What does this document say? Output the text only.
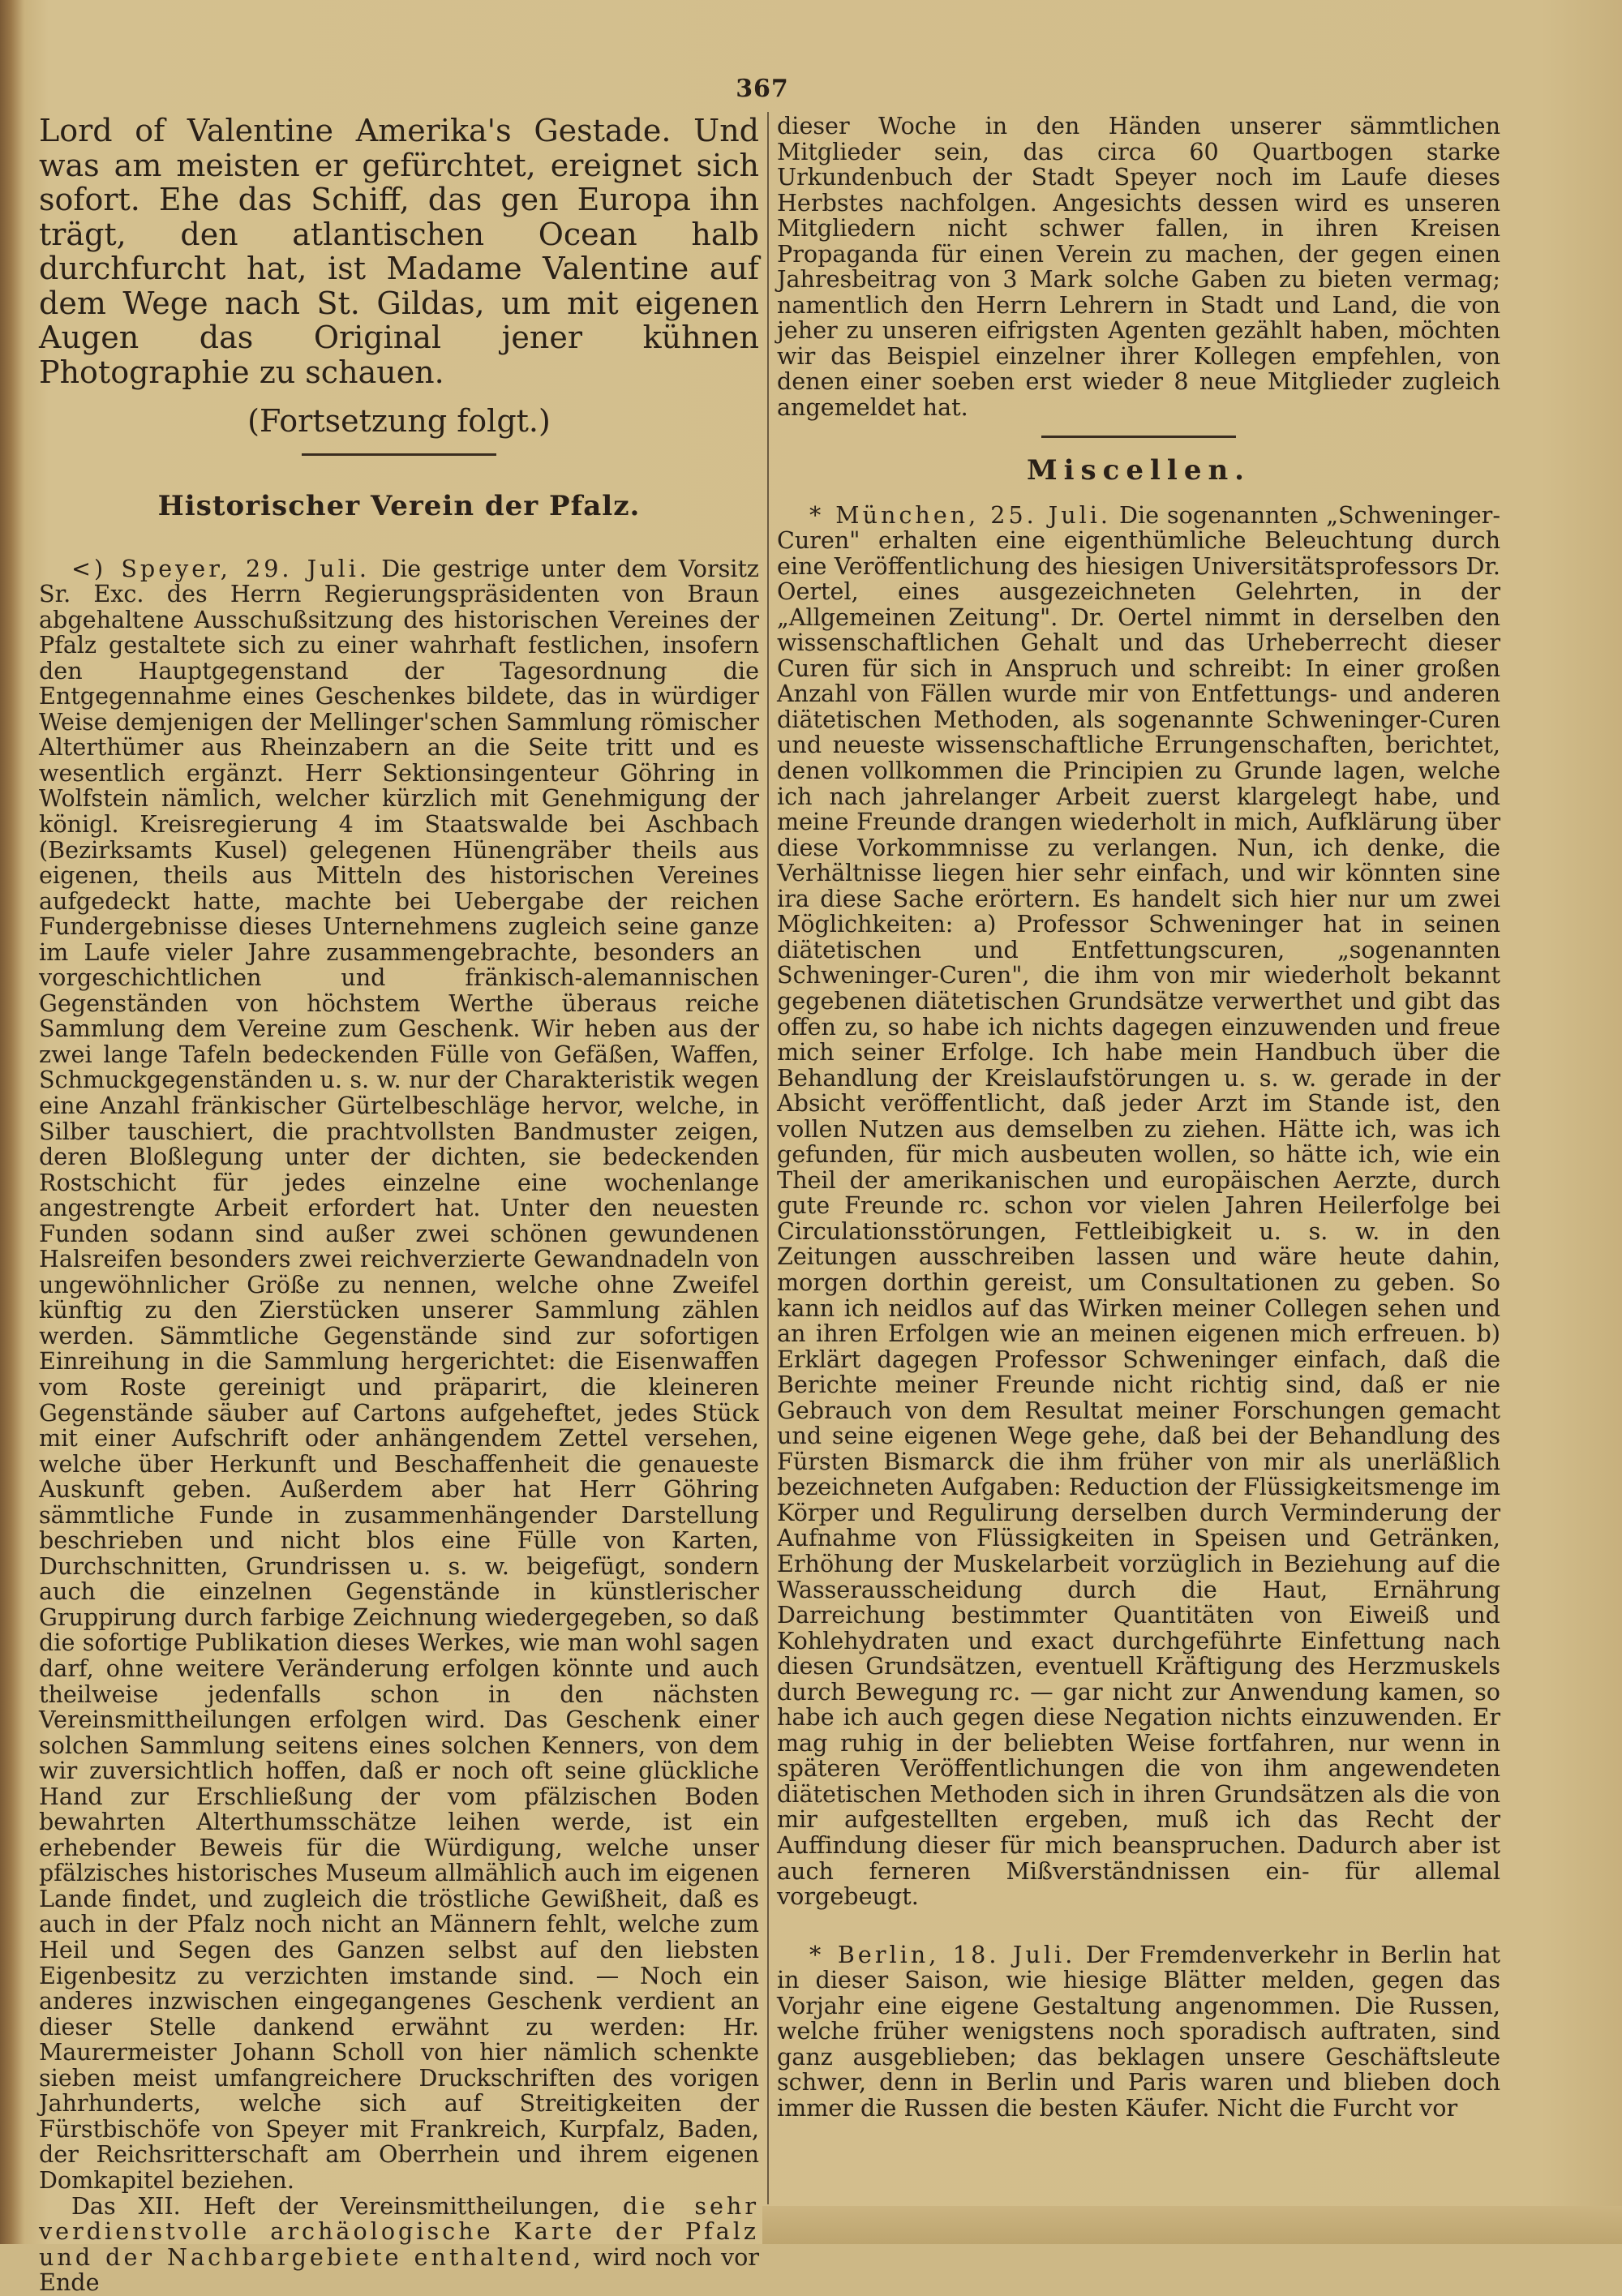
367

Lord of Valentine Amerika's Gestade. Und was am meisten er gefürchtet, ereignet sich sofort. Ehe das Schiff, das gen Europa ihn trägt, den atlantischen Ocean halb durchfurcht hat, ist Madame Valentine auf dem Wege nach St. Gildas, um mit eigenen Augen das Original jener kühnen Photographie zu schauen.

(Fortsetzung folgt.)

Historischer Verein der Pfalz.

<) Speyer, 29. Juli. Die gestrige unter dem Vorsitz Sr. Exc. des Herrn Regierungspräsidenten von Braun abgehaltene Ausschußsitzung des historischen Vereines der Pfalz gestaltete sich zu einer wahrhaft festlichen, insofern den Hauptgegenstand der Tagesordnung die Entgegennahme eines Geschenkes bildete, das in würdiger Weise demjenigen der Mellinger'schen Sammlung römischer Alterthümer aus Rheinzabern an die Seite tritt und es wesentlich ergänzt. Herr Sektionsingenteur Göhring in Wolfstein nämlich, welcher kürzlich mit Genehmigung der königl. Kreisregierung 4 im Staatswalde bei Aschbach (Bezirksamts Kusel) gelegenen Hünengräber theils aus eigenen, theils aus Mitteln des historischen Vereines aufgedeckt hatte, machte bei Uebergabe der reichen Fundergebnisse dieses Unternehmens zugleich seine ganze im Laufe vieler Jahre zusammengebrachte, besonders an vorgeschichtlichen und fränkisch-alemannischen Gegenständen von höchstem Werthe überaus reiche Sammlung dem Vereine zum Geschenk. Wir heben aus der zwei lange Tafeln bedeckenden Fülle von Gefäßen, Waffen, Schmuckgegenständen u. s. w. nur der Charakteristik wegen eine Anzahl fränkischer Gürtelbeschläge hervor, welche, in Silber tauschiert, die prachtvollsten Bandmuster zeigen, deren Bloßlegung unter der dichten, sie bedeckenden Rostschicht für jedes einzelne eine wochenlange angestrengte Arbeit erfordert hat. Unter den neuesten Funden sodann sind außer zwei schönen gewundenen Halsreifen besonders zwei reichverzierte Gewandnadeln von ungewöhnlicher Größe zu nennen, welche ohne Zweifel künftig zu den Zierstücken unserer Sammlung zählen werden. Sämmtliche Gegenstände sind zur sofortigen Einreihung in die Sammlung hergerichtet: die Eisenwaffen vom Roste gereinigt und präparirt, die kleineren Gegenstände säuber auf Cartons aufgeheftet, jedes Stück mit einer Aufschrift oder anhängendem Zettel versehen, welche über Herkunft und Beschaffenheit die genaueste Auskunft geben. Außerdem aber hat Herr Göhring sämmtliche Funde in zusammenhängender Darstellung beschrieben und nicht blos eine Fülle von Karten, Durchschnitten, Grundrissen u. s. w. beigefügt, sondern auch die einzelnen Gegenstände in künstlerischer Gruppirung durch farbige Zeichnung wiedergegeben, so daß die sofortige Publikation dieses Werkes, wie man wohl sagen darf, ohne weitere Veränderung erfolgen könnte und auch theilweise jedenfalls schon in den nächsten Vereinsmittheilungen erfolgen wird. Das Geschenk einer solchen Sammlung seitens eines solchen Kenners, von dem wir zuversichtlich hoffen, daß er noch oft seine glückliche Hand zur Erschließung der vom pfälzischen Boden bewahrten Alterthumsschätze leihen werde, ist ein erhebender Beweis für die Würdigung, welche unser pfälzisches historisches Museum allmählich auch im eigenen Lande findet, und zugleich die tröstliche Gewißheit, daß es auch in der Pfalz noch nicht an Männern fehlt, welche zum Heil und Segen des Ganzen selbst auf den liebsten Eigenbesitz zu verzichten imstande sind. — Noch ein anderes inzwischen eingegangenes Geschenk verdient an dieser Stelle dankend erwähnt zu werden: Hr. Maurermeister Johann Scholl von hier nämlich schenkte sieben meist umfangreichere Druckschriften des vorigen Jahrhunderts, welche sich auf Streitigkeiten der Fürstbischöfe von Speyer mit Frankreich, Kurpfalz, Baden, der Reichsritterschaft am Oberrhein und ihrem eigenen Domkapitel beziehen.

Das XII. Heft der Vereinsmittheilungen, die sehr verdienstvolle archäologische Karte der Pfalz und der Nachbargebiete enthaltend, wird noch vor Ende

dieser Woche in den Händen unserer sämmtlichen Mitglieder sein, das circa 60 Quartbogen starke Urkundenbuch der Stadt Speyer noch im Laufe dieses Herbstes nachfolgen. Angesichts dessen wird es unseren Mitgliedern nicht schwer fallen, in ihren Kreisen Propaganda für einen Verein zu machen, der gegen einen Jahresbeitrag von 3 Mark solche Gaben zu bieten vermag; namentlich den Herrn Lehrern in Stadt und Land, die von jeher zu unseren eifrigsten Agenten gezählt haben, möchten wir das Beispiel einzelner ihrer Kollegen empfehlen, von denen einer soeben erst wieder 8 neue Mitglieder zugleich angemeldet hat.

Miscellen.

* München, 25. Juli. Die sogenannten „Schweninger-Curen" erhalten eine eigenthümliche Beleuchtung durch eine Veröffentlichung des hiesigen Universitätsprofessors Dr. Oertel, eines ausgezeichneten Gelehrten, in der „Allgemeinen Zeitung". Dr. Oertel nimmt in derselben den wissenschaftlichen Gehalt und das Urheberrecht dieser Curen für sich in Anspruch und schreibt: In einer großen Anzahl von Fällen wurde mir von Entfettungs- und anderen diätetischen Methoden, als sogenannte Schweninger-Curen und neueste wissenschaftliche Errungenschaften, berichtet, denen vollkommen die Principien zu Grunde lagen, welche ich nach jahrelanger Arbeit zuerst klargelegt habe, und meine Freunde drangen wiederholt in mich, Aufklärung über diese Vorkommnisse zu verlangen. Nun, ich denke, die Verhältnisse liegen hier sehr einfach, und wir könnten sine ira diese Sache erörtern. Es handelt sich hier nur um zwei Möglichkeiten: a) Professor Schweninger hat in seinen diätetischen und Entfettungscuren, „sogenannten Schweninger-Curen", die ihm von mir wiederholt bekannt gegebenen diätetischen Grundsätze verwerthet und gibt das offen zu, so habe ich nichts dagegen einzuwenden und freue mich seiner Erfolge. Ich habe mein Handbuch über die Behandlung der Kreislaufstörungen u. s. w. gerade in der Absicht veröffentlicht, daß jeder Arzt im Stande ist, den vollen Nutzen aus demselben zu ziehen. Hätte ich, was ich gefunden, für mich ausbeuten wollen, so hätte ich, wie ein Theil der amerikanischen und europäischen Aerzte, durch gute Freunde rc. schon vor vielen Jahren Heilerfolge bei Circulationsstörungen, Fettleibigkeit u. s. w. in den Zeitungen ausschreiben lassen und wäre heute dahin, morgen dorthin gereist, um Consultationen zu geben. So kann ich neidlos auf das Wirken meiner Collegen sehen und an ihren Erfolgen wie an meinen eigenen mich erfreuen. b) Erklärt dagegen Professor Schweninger einfach, daß die Berichte meiner Freunde nicht richtig sind, daß er nie Gebrauch von dem Resultat meiner Forschungen gemacht und seine eigenen Wege gehe, daß bei der Behandlung des Fürsten Bismarck die ihm früher von mir als unerläßlich bezeichneten Aufgaben: Reduction der Flüssigkeitsmenge im Körper und Regulirung derselben durch Verminderung der Aufnahme von Flüssigkeiten in Speisen und Getränken, Erhöhung der Muskelarbeit vorzüglich in Beziehung auf die Wasserausscheidung durch die Haut, Ernährung Darreichung bestimmter Quantitäten von Eiweiß und Kohlehydraten und exact durchgeführte Einfettung nach diesen Grundsätzen, eventuell Kräftigung des Herzmuskels durch Bewegung rc. — gar nicht zur Anwendung kamen, so habe ich auch gegen diese Negation nichts einzuwenden. Er mag ruhig in der beliebten Weise fortfahren, nur wenn in späteren Veröffentlichungen die von ihm angewendeten diätetischen Methoden sich in ihren Grundsätzen als die von mir aufgestellten ergeben, muß ich das Recht der Auffindung dieser für mich beanspruchen. Dadurch aber ist auch ferneren Mißverständnissen ein- für allemal vorgebeugt.

* Berlin, 18. Juli. Der Fremdenverkehr in Berlin hat in dieser Saison, wie hiesige Blätter melden, gegen das Vorjahr eine eigene Gestaltung angenommen. Die Russen, welche früher wenigstens noch sporadisch auftraten, sind ganz ausgeblieben; das beklagen unsere Geschäftsleute schwer, denn in Berlin und Paris waren und blieben doch immer die Russen die besten Käufer. Nicht die Furcht vor
